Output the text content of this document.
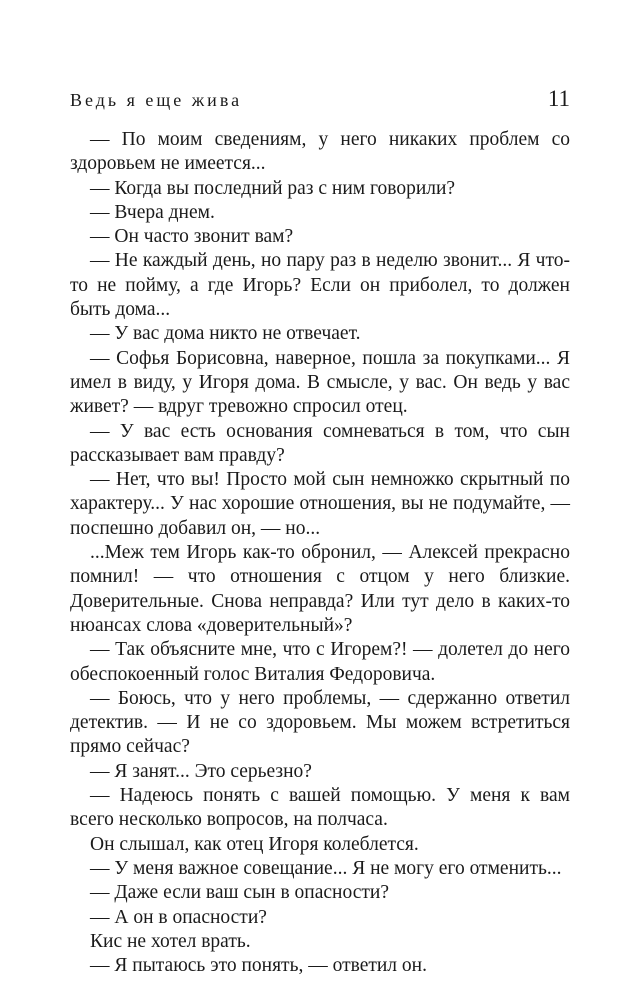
Ведь я еще жива	11

— По моим сведениям, у него никаких проблем со здоровьем не имеется...

— Когда вы последний раз с ним говорили?

— Вчера днем.

— Он часто звонит вам?

— Не каждый день, но пару раз в неделю звонит... Я что-то не пойму, а где Игорь? Если он приболел, то должен быть дома...

— У вас дома никто не отвечает.

— Софья Борисовна, наверное, пошла за покупками... Я имел в виду, у Игоря дома. В смысле, у вас. Он ведь у вас живет? — вдруг тревожно спросил отец.

— У вас есть основания сомневаться в том, что сын рассказывает вам правду?

— Нет, что вы! Просто мой сын немножко скрытный по характеру... У нас хорошие отношения, вы не подумайте, — поспешно добавил он, — но...

...Меж тем Игорь как-то обронил, — Алексей прекрасно помнил! — что отношения с отцом у него близкие. Доверительные. Снова неправда? Или тут дело в каких-то нюансах слова «доверительный»?

— Так объясните мне, что с Игорем?! — долетел до него обеспокоенный голос Виталия Федоровича.

— Боюсь, что у него проблемы, — сдержанно ответил детектив. — И не со здоровьем. Мы можем встретиться прямо сейчас?

— Я занят... Это серьезно?

— Надеюсь понять с вашей помощью. У меня к вам всего несколько вопросов, на полчаса.

Он слышал, как отец Игоря колеблется.

— У меня важное совещание... Я не могу его отменить...

— Даже если ваш сын в опасности?

— А он в опасности?

Кис не хотел врать.

— Я пытаюсь это понять, — ответил он.
